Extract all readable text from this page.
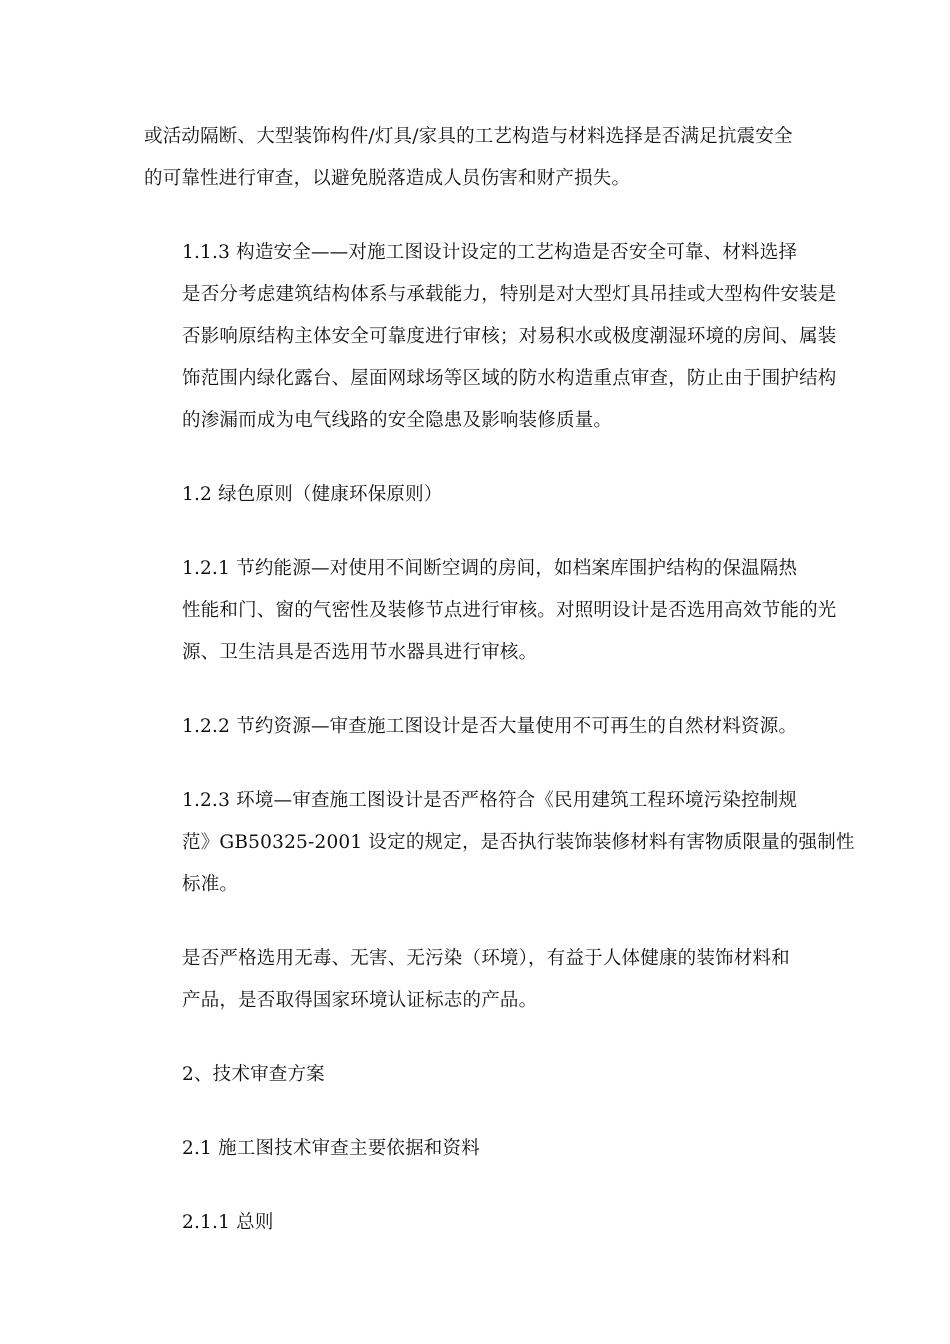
或活动隔断、大型装饰构件/灯具/家具的工艺构造与材料选择是否满足抗震安全
的可靠性进行审查，以避免脱落造成人员伤害和财产损失。

1.1.3 构造安全——对施工图设计设定的工艺构造是否安全可靠、材料选择
是否分考虑建筑结构体系与承载能力，特别是对大型灯具吊挂或大型构件安装是
否影响原结构主体安全可靠度进行审核；对易积水或极度潮湿环境的房间、属装
饰范围内绿化露台、屋面网球场等区域的防水构造重点审查，防止由于围护结构
的渗漏而成为电气线路的安全隐患及影响装修质量。

1.2 绿色原则（健康环保原则）

1.2.1 节约能源—对使用不间断空调的房间，如档案库围护结构的保温隔热
性能和门、窗的气密性及装修节点进行审核。对照明设计是否选用高效节能的光
源、卫生洁具是否选用节水器具进行审核。

1.2.2 节约资源—审查施工图设计是否大量使用不可再生的自然材料资源。

1.2.3 环境—审查施工图设计是否严格符合《民用建筑工程环境污染控制规
范》GB50325-2001 设定的规定，是否执行装饰装修材料有害物质限量的强制性
标准。

是否严格选用无毒、无害、无污染（环境），有益于人体健康的装饰材料和
产品，是否取得国家环境认证标志的产品。

2、技术审查方案

2.1 施工图技术审查主要依据和资料

2.1.1 总则
